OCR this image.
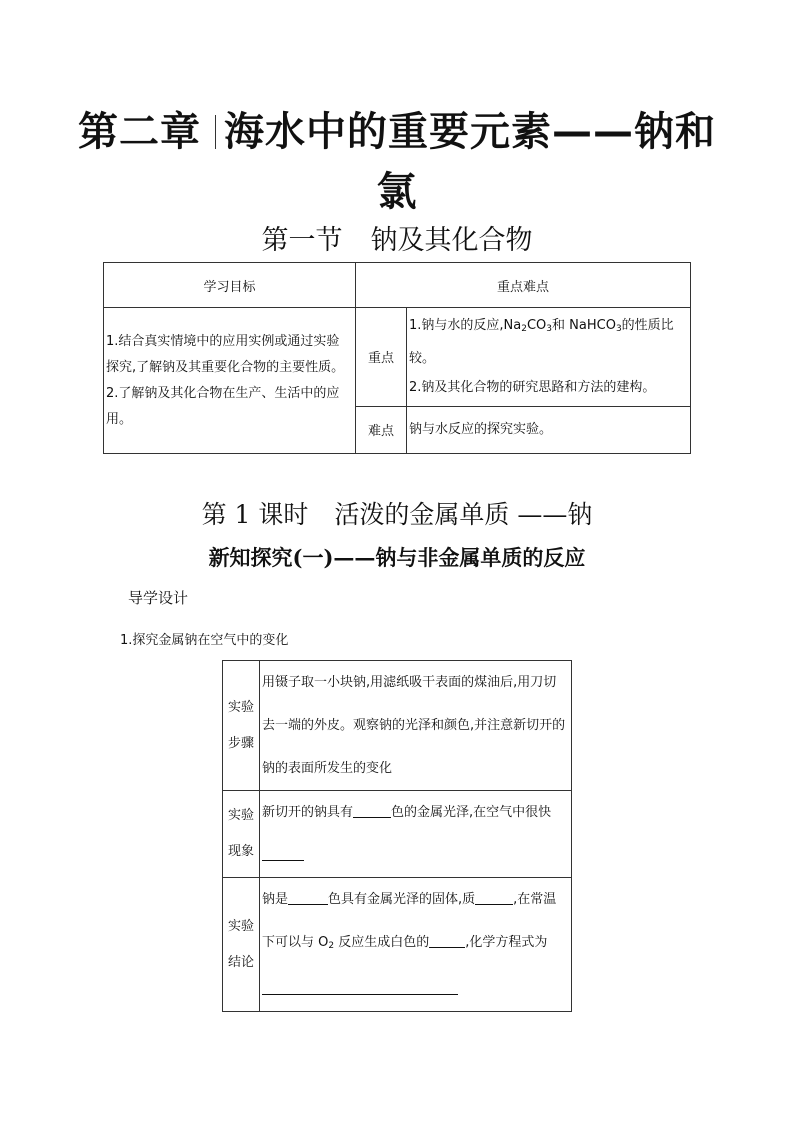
第二章 海水中的重要元素——钠和
氯
第一节 钠及其化合物
学习目标	重点难点	
1.结合真实情境中的应用实例或通过实验探究,了解钠及其重要化合物的主要性质。2.了解钠及其化合物在生产、生活中的应用。	重点	1.钠与水的反应$,Na_2CO_3$和 NaHCO$_3$的性质比较。
2.钠及其化合物的研究思路和方法的建构。
	难点	钠与水反应的探究实验。
第 1 课时 活泼的金属单质 ——钠
新知探究(一)——钠与非金属单质的反应
导学设计
1.探究金属钠在空气中的变化
实验步骤	用镊子取一小块钠,用滤纸吸干表面的煤油后,用刀切去一端的外皮。观察钠的光泽和颜色,并注意新切开的钠的表面所发生的变化
实验现象	新切开的钠具有 色的金属光泽,在空气中很快
实验结论	钠是 色具有金属光泽的固体,质 ,在常温下可以与 $O_2$ 反应生成白色的 ,化学方程式为
